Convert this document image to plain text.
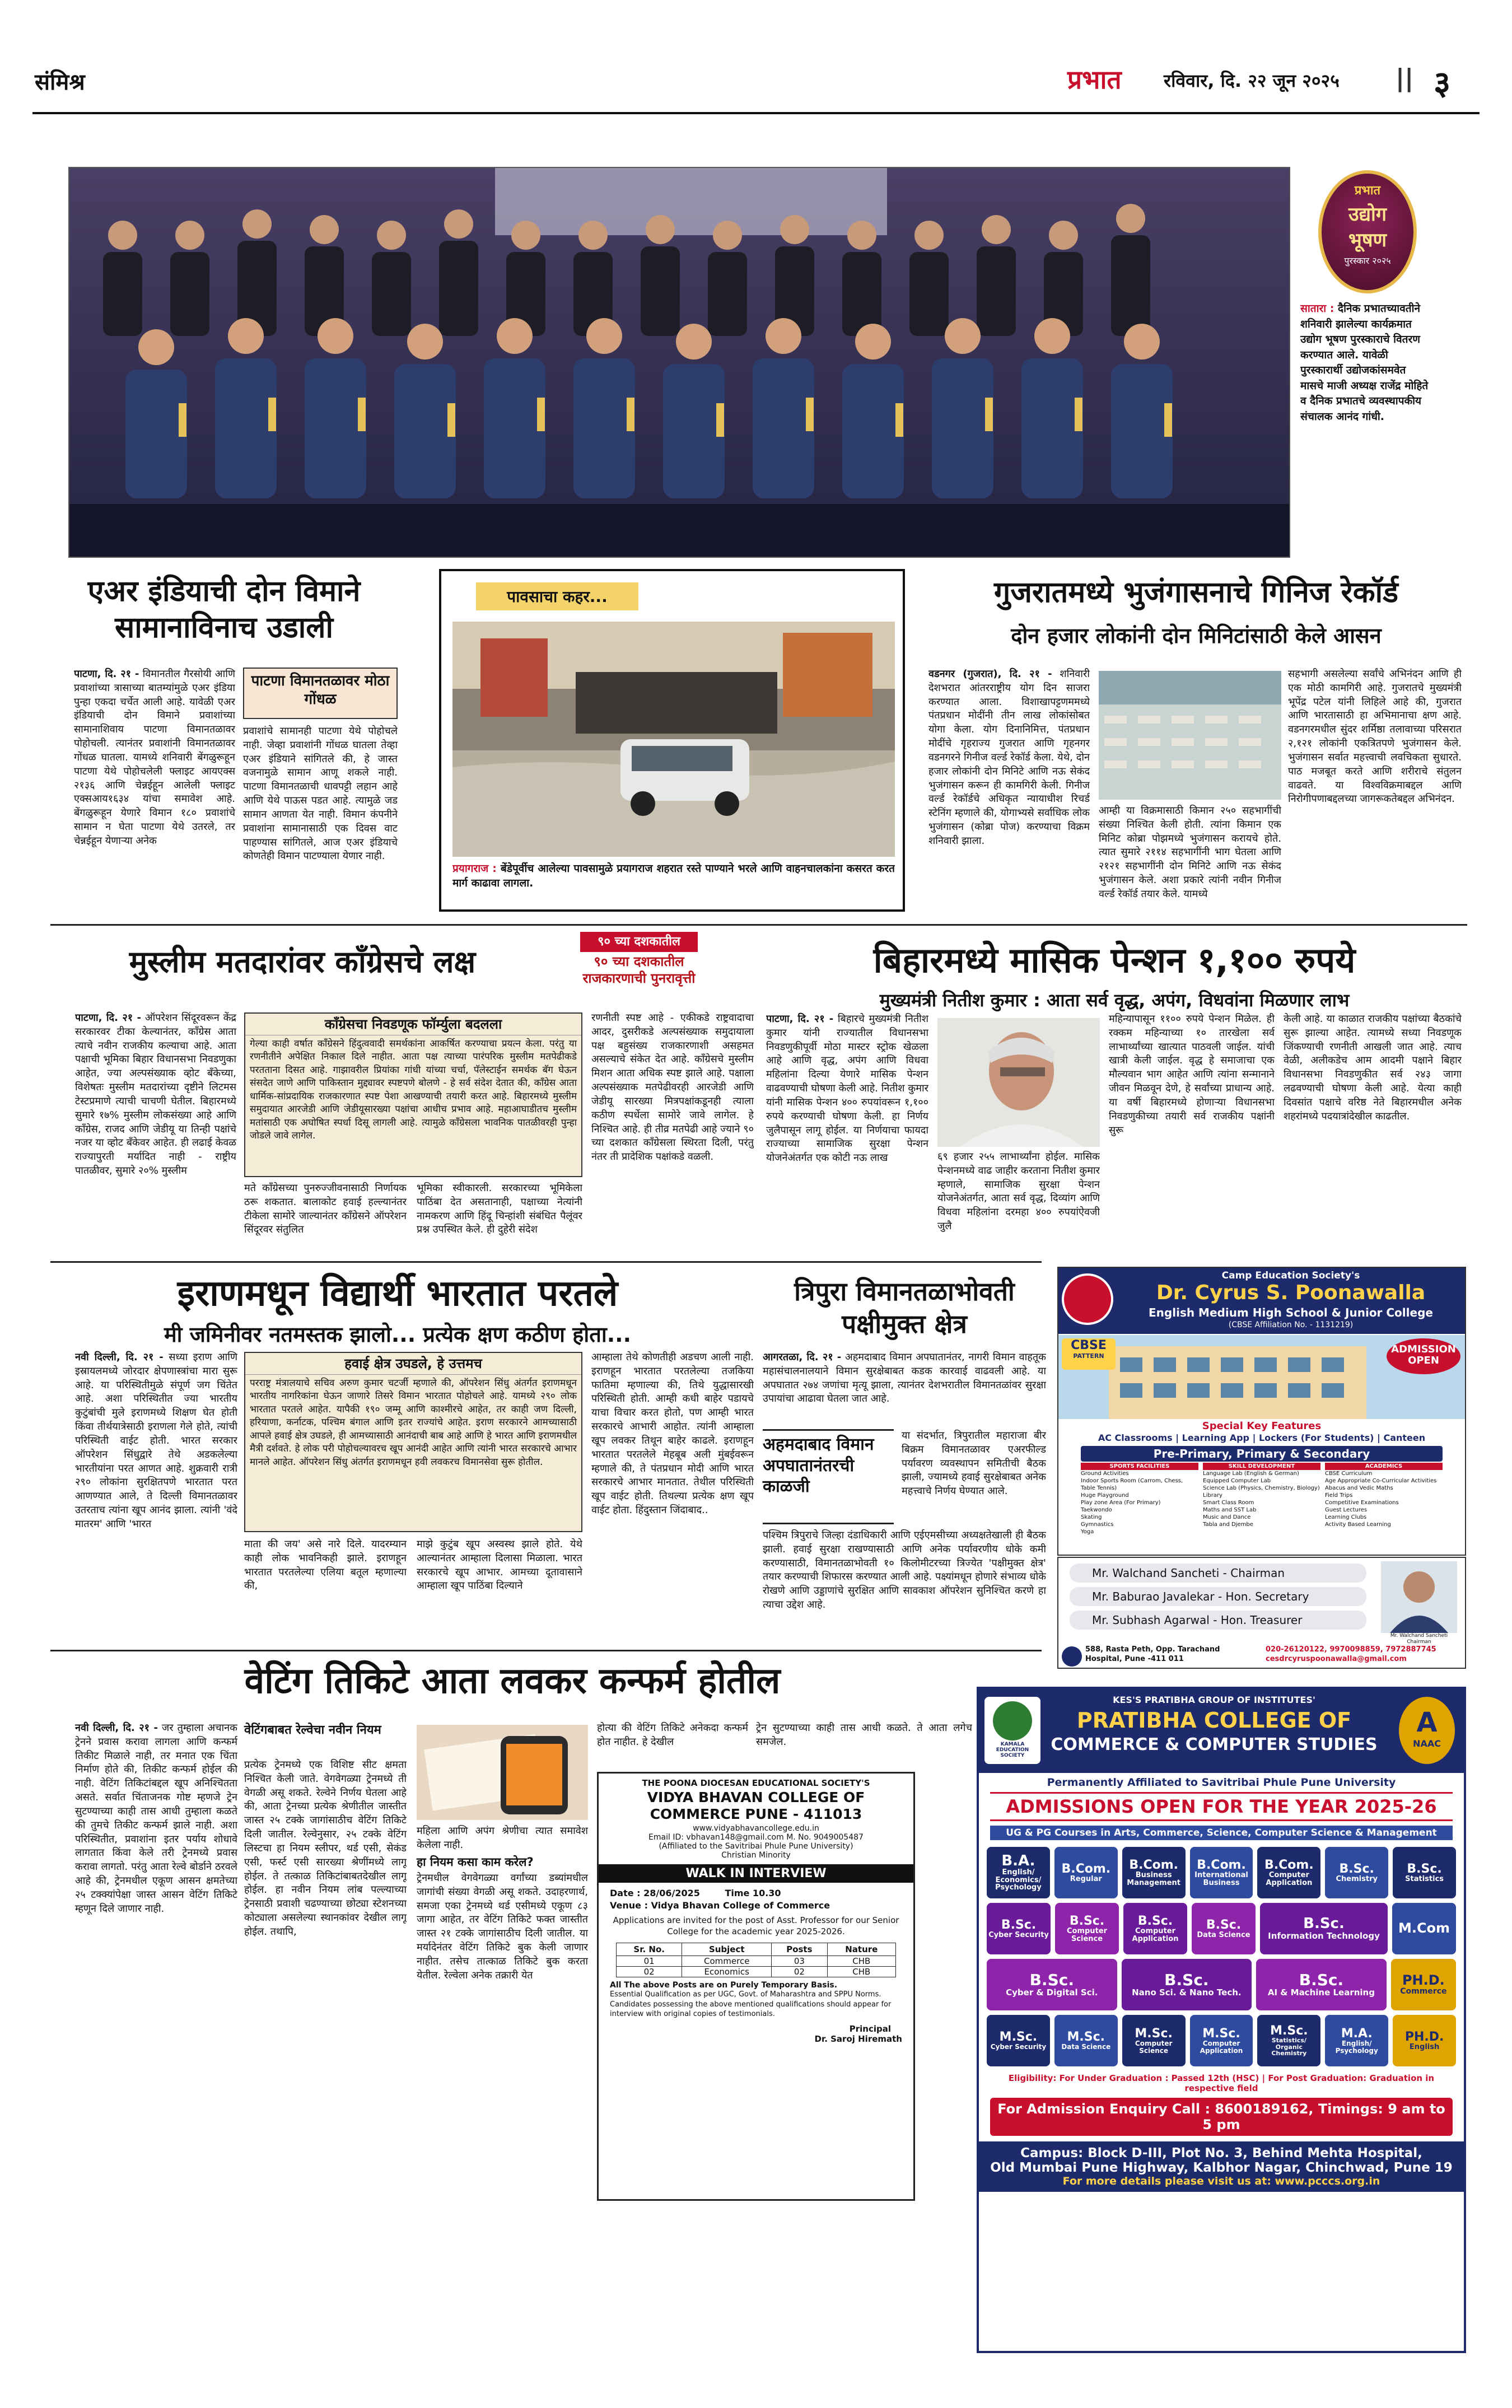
संमिश्र	प्रभात रविवार, दि. २२ जून २०२५ || ३
प्रभात
उद्योग
भूषण
पुरस्कार २०२५
सातारा : दैनिक प्रभातच्यावतीने शनिवारी झालेल्या कार्यक्रमात उद्योग भूषण पुरस्काराचे वितरण करण्यात आले. यावेळी पुरस्कारार्थी उद्योजकांसमवेत मासचे माजी अध्यक्ष राजेंद्र मोहिते व दैनिक प्रभातचे व्यवस्थापकीय संचालक आनंद गांधी.
एअर इंडियाची दोन विमाने सामानाविनाच उडाली
पाटणा, दि. २१ - विमानतील गैरसोयी आणि प्रवाशांच्या त्रासाच्या बातम्यांमुळे एअर इंडिया पुन्हा एकदा चर्चेत आली आहे. यावेळी एअर इंडियाची दोन विमाने प्रवाशांच्या सामानाशिवाय पाटणा विमानतळावर पोहोचली. त्यानंतर प्रवाशांनी विमानतळावर गोंधळ घातला. यामध्ये शनिवारी बेंगळुरूहून पाटणा येथे पोहोचलेली फ्लाइट आयएक्स २१३६ आणि चेन्नईहून आलेली फ्लाइट एक्सआय१६३४ यांचा समावेश आहे. बेंगळुरूहून येणारे विमान १८० प्रवाशांचे सामान न घेता पाटणा येथे उतरले, तर चेन्नईहून येणाऱ्या अनेक
पाटणा विमानतळावर मोठा गोंधळ
प्रवाशांचे सामानही पाटणा येथे पोहोचले नाही. जेव्हा प्रवाशांनी गोंधळ घातला तेव्हा एअर इंडियाने सांगितले की, हे जास्त वजनामुळे सामान आणू शकले नाही. पाटणा विमानतळाची धावपट्टी लहान आहे आणि येथे पाऊस पडत आहे. त्यामुळे जड सामान आणता येत नाही. विमान कंपनीने प्रवाशांना सामानासाठी एक दिवस वाट पाहण्यास सांगितले, आज एअर इंडियाचे कोणतेही विमान पाटण्याला येणार नाही.
पावसाचा कहर...
प्रयागराज : बेंडेपूर्वीच आलेल्या पावसामुळे प्रयागराज शहरात रस्ते पाण्याने भरले आणि वाहनचालकांना कसरत करत मार्ग काढावा लागला.
गुजरातमध्ये भुजंगासनाचे गिनिज रेकॉर्ड
दोन हजार लोकांनी दोन मिनिटांसाठी केले आसन
वडनगर (गुजरात), दि. २१ - शनिवारी देशभरात आंतरराष्ट्रीय योग दिन साजरा करण्यात आला. विशाखापट्टणममध्ये पंतप्रधान मोदींनी तीन लाख लोकांसोबत योगा केला. योग दिनानिमित्त, पंतप्रधान मोदींचे गृहराज्य गुजरात आणि गृहनगर वडनगरने गिनीज वर्ल्ड रेकॉर्ड केला. येथे, दोन हजार लोकांनी दोन मिनिटे आणि नऊ सेकंद भुजंगासन करून ही कामगिरी केली. गिनीज वर्ल्ड रेकॉर्डचे अधिकृत न्यायाधीश रिचर्ड स्टेनिंग म्हणाले की, योगाभ्यसे सर्वाधिक लोक भुजंगासन (कोब्रा पोज) करण्याचा विक्रम शनिवारी झाला.
आम्ही या विक्रमासाठी किमान २५० सहभागींची संख्या निश्चित केली होती. त्यांना किमान एक मिनिट कोब्रा पोझमध्ये भुजंगासन करायचे होते. त्यात सुमारे २११४ सहभागींनी भाग घेतला आणि २१२१ सहभागींनी दोन मिनिटे आणि नऊ सेकंद भुजंगासन केले. अशा प्रकारे त्यांनी नवीन गिनीज वर्ल्ड रेकॉर्ड तयार केले. यामध्ये
सहभागी असलेल्या सर्वांचे अभिनंदन आणि ही एक मोठी कामगिरी आहे. गुजरातचे मुख्यमंत्री भूपेंद्र पटेल यांनी लिहिले आहे की, गुजरात आणि भारतासाठी हा अभिमानाचा क्षण आहे. वडनगरमधील सुंदर शर्मिष्ठा तलावाच्या परिसरात २,१२१ लोकांनी एकत्रितपणे भुजंगासन केले. भुजंगासन सर्वात महत्त्वाची लवचिकता सुधारते. पाठ मजबूत करते आणि शरीराचे संतुलन वाढवते. या विश्वविक्रमाबद्दल आणि निरोगीपणाबद्दलच्या जागरूकतेबद्दल अभिनंदन.
मुस्लीम मतदारांवर काँग्रेसचे लक्ष
९० च्या दशकातील
९० च्या दशकातील राजकारणाची पुनरावृत्ती
पाटणा, दि. २१ - ऑपरेशन सिंदूरवरून केंद्र सरकारवर टीका केल्यानंतर, काँग्रेस आता त्याचे नवीन राजकीय कल्याचा आहे. आता पक्षाची भूमिका बिहार विधानसभा निवडणुका आहेत, ज्या अल्पसंख्याक व्होट बँकेच्या, विशेषतः मुस्लीम मतदारांच्या दृष्टीने लिटमस टेस्टप्रमाणे त्याची चाचणी घेतील. बिहारमध्ये सुमारे १७% मुस्लीम लोकसंख्या आहे आणि काँग्रेस, राजद आणि जेडीयू या तिन्ही पक्षांचे नजर या व्होट बँकेवर आहेत. ही लढाई केवळ राज्यापुरती मर्यादित नाही - राष्ट्रीय पातळीवर, सुमारे २०% मुस्लीम
काँग्रेसचा निवडणूक फॉर्म्युला बदलला
गेल्या काही वर्षात काँग्रेसने हिंदुत्ववादी समर्थकांना आकर्षित करण्याचा प्रयत्न केला. परंतु या रणनीतीने अपेक्षित निकाल दिले नाहीत. आता पक्ष त्याच्या पारंपरिक मुस्लीम मतपेढीकडे परतताना दिसत आहे. गाझावरील प्रियांका गांधी यांच्या चर्चा, पॅलेस्टाईन समर्थक बॅग घेऊन संसदेत जाणे आणि पाकिस्तान मुद्द्यावर स्पष्टपणे बोलणे - हे सर्व संदेश देतात की, काँग्रेस आता धार्मिक-सांप्रदायिक राजकारणात स्पष्ट पेशा आखण्याची तयारी करत आहे. बिहारमध्ये मुस्लीम समुदायात आरजेडी आणि जेडीयूसारख्या पक्षांचा आधीच प्रभाव आहे. महाआघाडीतच मुस्लीम मतांसाठी एक अघोषित स्पर्धा दिसू लागली आहे. त्यामुळे काँग्रेसला भावनिक पातळीवरही पुन्हा जोडले जावे लागेल.
मते काँग्रेसच्या पुनरुज्जीवनासाठी निर्णायक ठरू शकतात. बालाकोट हवाई हल्ल्यानंतर टीकेला सामोरे जाल्यानंतर काँग्रेसने ऑपरेशन सिंदूरवर संतुलित
भूमिका स्वीकारली. सरकारच्या भूमिकेला पाठिंबा देत असतानाही, पक्षाच्या नेत्यांनी नामकरण आणि हिंदू चिन्हांशी संबंधित पैलूंवर प्रश्न उपस्थित केले. ही दुहेरी संदेश
रणनीती स्पष्ट आहे - एकीकडे राष्ट्रवादाचा आदर, दुसरीकडे अल्पसंख्याक समुदायाला पक्ष बहुसंख्य राजकारणाशी असहमत असल्याचे संकेत देत आहे. काँग्रेसचे मुस्लीम मिशन आता अधिक स्पष्ट झाले आहे. पक्षाला अल्पसंख्याक मतपेढीवरही आरजेडी आणि जेडीयू सारख्या मित्रपक्षांकडूनही त्याला कठीण स्पर्धेला सामोरे जावे लागेल. हे निश्चित आहे. ही तीव्र मतपेढी आहे ज्याने ९० च्या दशकात काँग्रेसला स्थिरता दिली, परंतु नंतर ती प्रादेशिक पक्षांकडे वळली.
बिहारमध्ये मासिक पेन्शन १,१०० रुपये
मुख्यमंत्री नितीश कुमार : आता सर्व वृद्ध, अपंग, विधवांना मिळणार लाभ
पाटणा, दि. २१ - बिहारचे मुख्यमंत्री नितीश कुमार यांनी राज्यातील विधानसभा निवडणुकीपूर्वी मोठा मास्टर स्ट्रोक खेळला आहे आणि वृद्ध, अपंग आणि विधवा महिलांना दिल्या येणारे मासिक पेन्शन वाढवण्याची घोषणा केली आहे. नितीश कुमार यांनी मासिक पेन्शन ४०० रुपयांवरून १,१०० रुपये करण्याची घोषणा केली. हा निर्णय जुलैपासून लागू होईल. या निर्णयाचा फायदा राज्याच्या सामाजिक सुरक्षा पेन्शन योजनेअंतर्गत एक कोटी नऊ लाख	६९ हजार २५५ लाभार्थ्यांना होईल. मासिक पेन्शनमध्ये वाढ जाहीर करताना नितीश कुमार म्हणाले, सामाजिक सुरक्षा पेन्शन योजनेअंतर्गत, आता सर्व वृद्ध, दिव्यांग आणि विधवा महिलांना दरमहा ४०० रुपयांऐवजी जुलै
महिन्यापासून ११०० रुपये पेन्शन मिळेल. ही रक्कम महिन्याच्या १० तारखेला सर्व लाभार्थ्यांच्या खात्यात पाठवली जाईल. यांची खात्री केली जाईल. वृद्ध हे समाजाचा एक मौल्यवान भाग आहेत आणि त्यांना सन्मानाने जीवन मिळवून देणे, हे सर्वांच्या प्राधान्य आहे. या वर्षी बिहारमध्ये होणाऱ्या विधानसभा निवडणुकीच्या तयारी सर्व राजकीय पक्षांनी सुरू
केली आहे. या काळात राजकीय पक्षांच्या बैठकांचे सुरू झाल्या आहेत. त्यामध्ये सध्या निवडणूक जिंकण्याची रणनीती आखली जात आहे. त्याच वेळी, अलीकडेच आम आदमी पक्षाने बिहार विधानसभा निवडणुकीत सर्व २४३ जागा लढवण्याची घोषणा केली आहे. येत्या काही दिवसांत पक्षाचे वरिष्ठ नेते बिहारमधील अनेक शहरांमध्ये पदयात्रांदेखील काढतील.
Camp Education Society's
Dr. Cyrus S. Poonawalla
English Medium High School & Junior College
(CBSE Affiliation No. - 1131219)
CBSE
PATTERN
ADMISSION OPEN
Special Key Features
AC Classrooms | Learning App | Lockers (For Students) | Canteen
Pre-Primary, Primary & Secondary
SPORTS FACILITIES
Ground Activities
Indoor Sports Room (Carrom, Chess, Table Tennis)
Huge Playground
Play zone Area (For Primary)
Taekwondo
Skating
Gymnastics
Yoga
SKILL DEVELOPMENT
Language Lab (English & German)
Equipped Computer Lab
Science Lab (Physics, Chemistry, Biology)
Library
Smart Class Room
Maths and SST Lab
Music and Dance
Tabla and Djembe
ACADEMICS
CBSE Curriculum
Age Appropriate Co-Curricular Activities
Abacus and Vedic Maths
Field Trips
Competitive Examinations
Guest Lectures
Learning Clubs
Activity Based Learning
Mr. Walchand Sancheti - Chairman
Mr. Baburao Javalekar - Hon. Secretary
Mr. Subhash Agarwal - Hon. Treasurer
Mr. Walchand Sancheti Chairman
588, Rasta Peth, Opp. Tarachand Hospital, Pune -411 011
020-26120122, 9970098859, 7972887745 cesdrcyruspoonawalla@gmail.com
इराणमधून विद्यार्थी भारतात परतले
मी जमिनीवर नतमस्तक झालो... प्रत्येक क्षण कठीण होता...
नवी दिल्ली, दि. २१ - सध्या इराण आणि इस्रायलमध्ये जोरदार क्षेपणास्त्रांचा मारा सुरू आहे. या परिस्थितीमुळे संपूर्ण जग चिंतेत आहे. अशा परिस्थितीत ज्या भारतीय कुटुंबांची मुले इराणमध्ये शिक्षण घेत होती किंवा तीर्थयात्रेसाठी इराणला गेले होते, त्यांची परिस्थिती वाईट होती. भारत सरकार ऑपरेशन सिंधुद्वारे तेथे अडकलेल्या भारतीयांना परत आणत आहे. शुक्रवारी रात्री २९० लोकांना सुरक्षितपणे भारतात परत आणण्यात आले, ते दिल्ली विमानतळावर उतरताच त्यांना खूप आनंद झाला. त्यांनी 'वंदे मातरम' आणि 'भारत
हवाई क्षेत्र उघडले, हे उत्तमच
परराष्ट्र मंत्रालयाचे सचिव अरुण कुमार चटर्जी म्हणाले की, ऑपरेशन सिंधु अंतर्गत इराणमधून भारतीय नागरिकांना घेऊन जाणारे तिसरे विमान भारतात पोहोचले आहे. यामध्ये २९० लोक भारतात परतले आहेत. यापैकी १९० जम्मू आणि काश्मीरचे आहेत, तर काही जण दिल्ली, हरियाणा, कर्नाटक, पश्चिम बंगाल आणि इतर राज्यांचे आहेत. इराण सरकारने आमच्यासाठी आपले हवाई क्षेत्र उघडले, ही आमच्यासाठी आनंदाची बाब आहे आणि हे भारत आणि इराणमधील मैत्री दर्शवते. हे लोक परी पोहोचल्यावरच खूप आनंदी आहेत आणि त्यांनी भारत सरकारचे आभार मानले आहेत. ऑपरेशन सिंधु अंतर्गत इराणमधून हवी लवकरच विमानसेवा सुरू होतील.
माता की जय' असे नारे दिले. यादरम्यान काही लोक भावनिकही झाले. इराणहून भारतात परतलेल्या एलिया बतूल म्हणाल्या की,
माझे कुटुंब खूप अस्वस्थ झाले होते. येथे आल्यानंतर आम्हाला दिलासा मिळाला. भारत सरकारचे खूप आभार. आमच्या दूतावासाने आम्हाला खूप पाठिंबा दिल्याने
आम्हाला तेथे कोणतीही अडचण आली नाही. इराणहून भारतात परतलेल्या तजकिया फातिमा म्हणाल्या की, तिथे युद्धासारखी परिस्थिती होती. आम्ही कधी बाहेर पडायचे याचा विचार करत होतो, पण आम्ही भारत सरकारचे आभारी आहोत. त्यांनी आम्हाला खूप लवकर तिथून बाहेर काढले. इराणहून भारतात परतलेले मेहबूब अली मुंबईवरून म्हणाले की, ते पंतप्रधान मोदी आणि भारत सरकारचे आभार मानतात. तेथील परिस्थिती खूप वाईट होती. तिथल्या प्रत्येक क्षण खूप वाईट होता. हिंदुस्तान जिंदाबाद..
त्रिपुरा विमानतळाभोवती पक्षीमुक्त क्षेत्र
आगरतळा, दि. २१ - अहमदाबाद विमान अपघातानंतर, नागरी विमान वाहतूक महासंचालनालयाने विमान सुरक्षेबाबत कडक कारवाई वाढवली आहे. या अपघातात २७४ जणांचा मृत्यू झाला, त्यानंतर देशभरातील विमानतळांवर सुरक्षा उपायांचा आढावा घेतला जात आहे.
अहमदाबाद विमान अपघातानंतरची काळजी
या संदर्भात, त्रिपुरातील महाराजा बीर बिक्रम विमानतळावर एअरफील्ड पर्यावरण व्यवस्थापन समितीची बैठक झाली, ज्यामध्ये हवाई सुरक्षेबाबत अनेक महत्त्वाचे निर्णय घेण्यात आले.
पश्चिम त्रिपुराचे जिल्हा दंडाधिकारी आणि एईएमसीच्या अध्यक्षतेखाली ही बैठक झाली. हवाई सुरक्षा राखण्यासाठी आणि अनेक पर्यावरणीय धोके कमी करण्यासाठी, विमानतळाभोवती १० किलोमीटरच्या त्रिज्येत 'पक्षीमुक्त क्षेत्र' तयार करण्याची शिफारस करण्यात आली आहे. पक्ष्यांमधून होणारे संभाव्य धोके रोखणे आणि उड्डाणांचे सुरक्षित आणि सावकाश ऑपरेशन सुनिश्चित करणे हा त्याचा उद्देश आहे.
वेटिंग तिकिटे आता लवकर कन्फर्म होतील
नवी दिल्ली, दि. २१ - जर तुम्हाला अचानक ट्रेनने प्रवास करावा लागला आणि कन्फर्म तिकीट मिळाले नाही, तर मनात एक चिंता निर्माण होते की, तिकीट कन्फर्म होईल की नाही. वेटिंग तिकिटांबद्दल खूप अनिश्चितता असते. सर्वात चिंताजनक गोष्ट म्हणजे ट्रेन सुटण्याच्या काही तास आधी तुम्हाला कळते की तुमचे तिकीट कन्फर्म झाले नाही. अशा परिस्थितीत, प्रवाशांना इतर पर्याय शोधावे लागतात किंवा केले तरी ट्रेनमध्ये प्रवास करावा लागतो. परंतु आता रेल्वे बोर्डाने ठरवले आहे की, ट्रेनमधील एकूण आसन क्षमतेच्या २५ टक्क्यांपेक्षा जास्त आसन वेटिंग तिकिटे म्हणून दिले जाणार नाही.
वेटिंगबाबत रेल्वेचा नवीन नियम
प्रत्येक ट्रेनमध्ये एक विशिष्ट सीट क्षमता निश्चित केली जाते. वेगवेगळ्या ट्रेनमध्ये ती वेगळी असू शकते. रेल्वेने निर्णय घेतला आहे की, आता ट्रेनच्या प्रत्येक श्रेणीतील जास्तीत जास्त २५ टक्के जागांसाठीच वेटिंग तिकिटे दिली जातील. रेल्वेनुसार, २५ टक्के वेटिंग लिस्टचा हा नियम स्लीपर, थर्ड एसी, सेकंड एसी, फर्स्ट एसी सारख्या श्रेणींमध्ये लागू होईल. ते तत्काळ तिकिटांबाबतदेखील लागू होईल. हा नवीन नियम लांब पल्ल्याच्या ट्रेनसाठी प्रवाशी चढण्याच्या छोट्या स्टेशनच्या कोट्याला असलेल्या स्थानकांवर देखील लागू होईल. तथापि,
महिला आणि अपंग श्रेणीचा त्यात समावेश केलेला नाही.
हा नियम कसा काम करेल?
ट्रेनमधील वेगवेगळ्या वर्गांच्या डब्यांमधील जागांची संख्या वेगळी असू शकते. उदाहरणार्थ, समजा एका ट्रेनमध्ये थर्ड एसीमध्ये एकूण ८३ जागा आहेत, तर वेटिंग तिकिटे फक्त जास्तीत जास्त २१ टक्के जागांसाठीच दिली जातील. या मर्यादेनंतर वेटिंग तिकिटे बुक केली जाणार नाहीत. तसेच तात्काळ तिकिटे बुक करता येतील. रेल्वेला अनेक तक्रारी येत
होत्या की वेटिंग तिकिटे अनेकदा कन्फर्म होत नाहीत. हे देखील
ट्रेन सुटण्याच्या काही तास आधी कळते. ते आता लगेच समजेल.
THE POONA DIOCESAN EDUCATIONAL SOCIETY'S
VIDYA BHAVAN COLLEGE OF COMMERCE PUNE - 411013
www.vidyabhavancollege.edu.in
Email ID: vbhavan148@gmail.com M. No. 9049005487
(Affiliated to the Savitribai Phule Pune University)
Christian Minority
WALK IN INTERVIEW
Date : 28/06/2025	Time 10.30
Venue : Vidya Bhavan College of Commerce
Applications are invited for the post of Asst. Professor for our Senior College for the academic year 2025-2026.
Sr. No.	Subject	Posts	Nature
01	Commerce	03	CHB
02	Economics	02	CHB
All The above Posts are on Purely Temporary Basis.
Essential Qualification as per UGC, Govt. of Maharashtra and SPPU Norms. Candidates possessing the above mentioned qualifications should appear for interview with original copies of testimonials.
Principal
Dr. Saroj Hiremath
KAMALA EDUCATION SOCIETY
KES'S PRATIBHA GROUP OF INSTITUTES'
PRATIBHA COLLEGE OF
COMMERCE & COMPUTER STUDIES
A
NAAC
Permanently Affiliated to Savitribai Phule Pune University
ADMISSIONS OPEN FOR THE YEAR 2025-26
UG & PG Courses in Arts, Commerce, Science, Computer Science & Management
B.A.
English/ Economics/ Psychology
B.Com.
Regular
B.Com.
Business Management
B.Com.
International Business
B.Com.
Computer Application
B.Sc.
Chemistry
B.Sc.
Statistics
B.Sc.
Cyber Security
B.Sc.
Computer Science
B.Sc.
Computer Application
B.Sc.
Data Science
B.Sc.
Information Technology M.Com
B.Sc.
Cyber & Digital Sci.
B.Sc.
Nano Sci. & Nano Tech.
B.Sc.
AI & Machine Learning
PH.D.
Commerce
M.Sc.
Cyber Security
M.Sc.
Data Science
M.Sc.
Computer Science
M.Sc.
Computer Application
M.Sc.
Statistics/ Organic Chemistry
M.A.
English/ Psychology
PH.D.
English
Eligibility: For Under Graduation : Passed 12th (HSC) | For Post Graduation: Graduation in respective field
For Admission Enquiry Call : 8600189162, Timings: 9 am to 5 pm
Campus: Block D-III, Plot No. 3, Behind Mehta Hospital,
Old Mumbai Pune Highway, Kalbhor Nagar, Chinchwad, Pune 19
For more details please visit us at: www.pcccs.org.in
